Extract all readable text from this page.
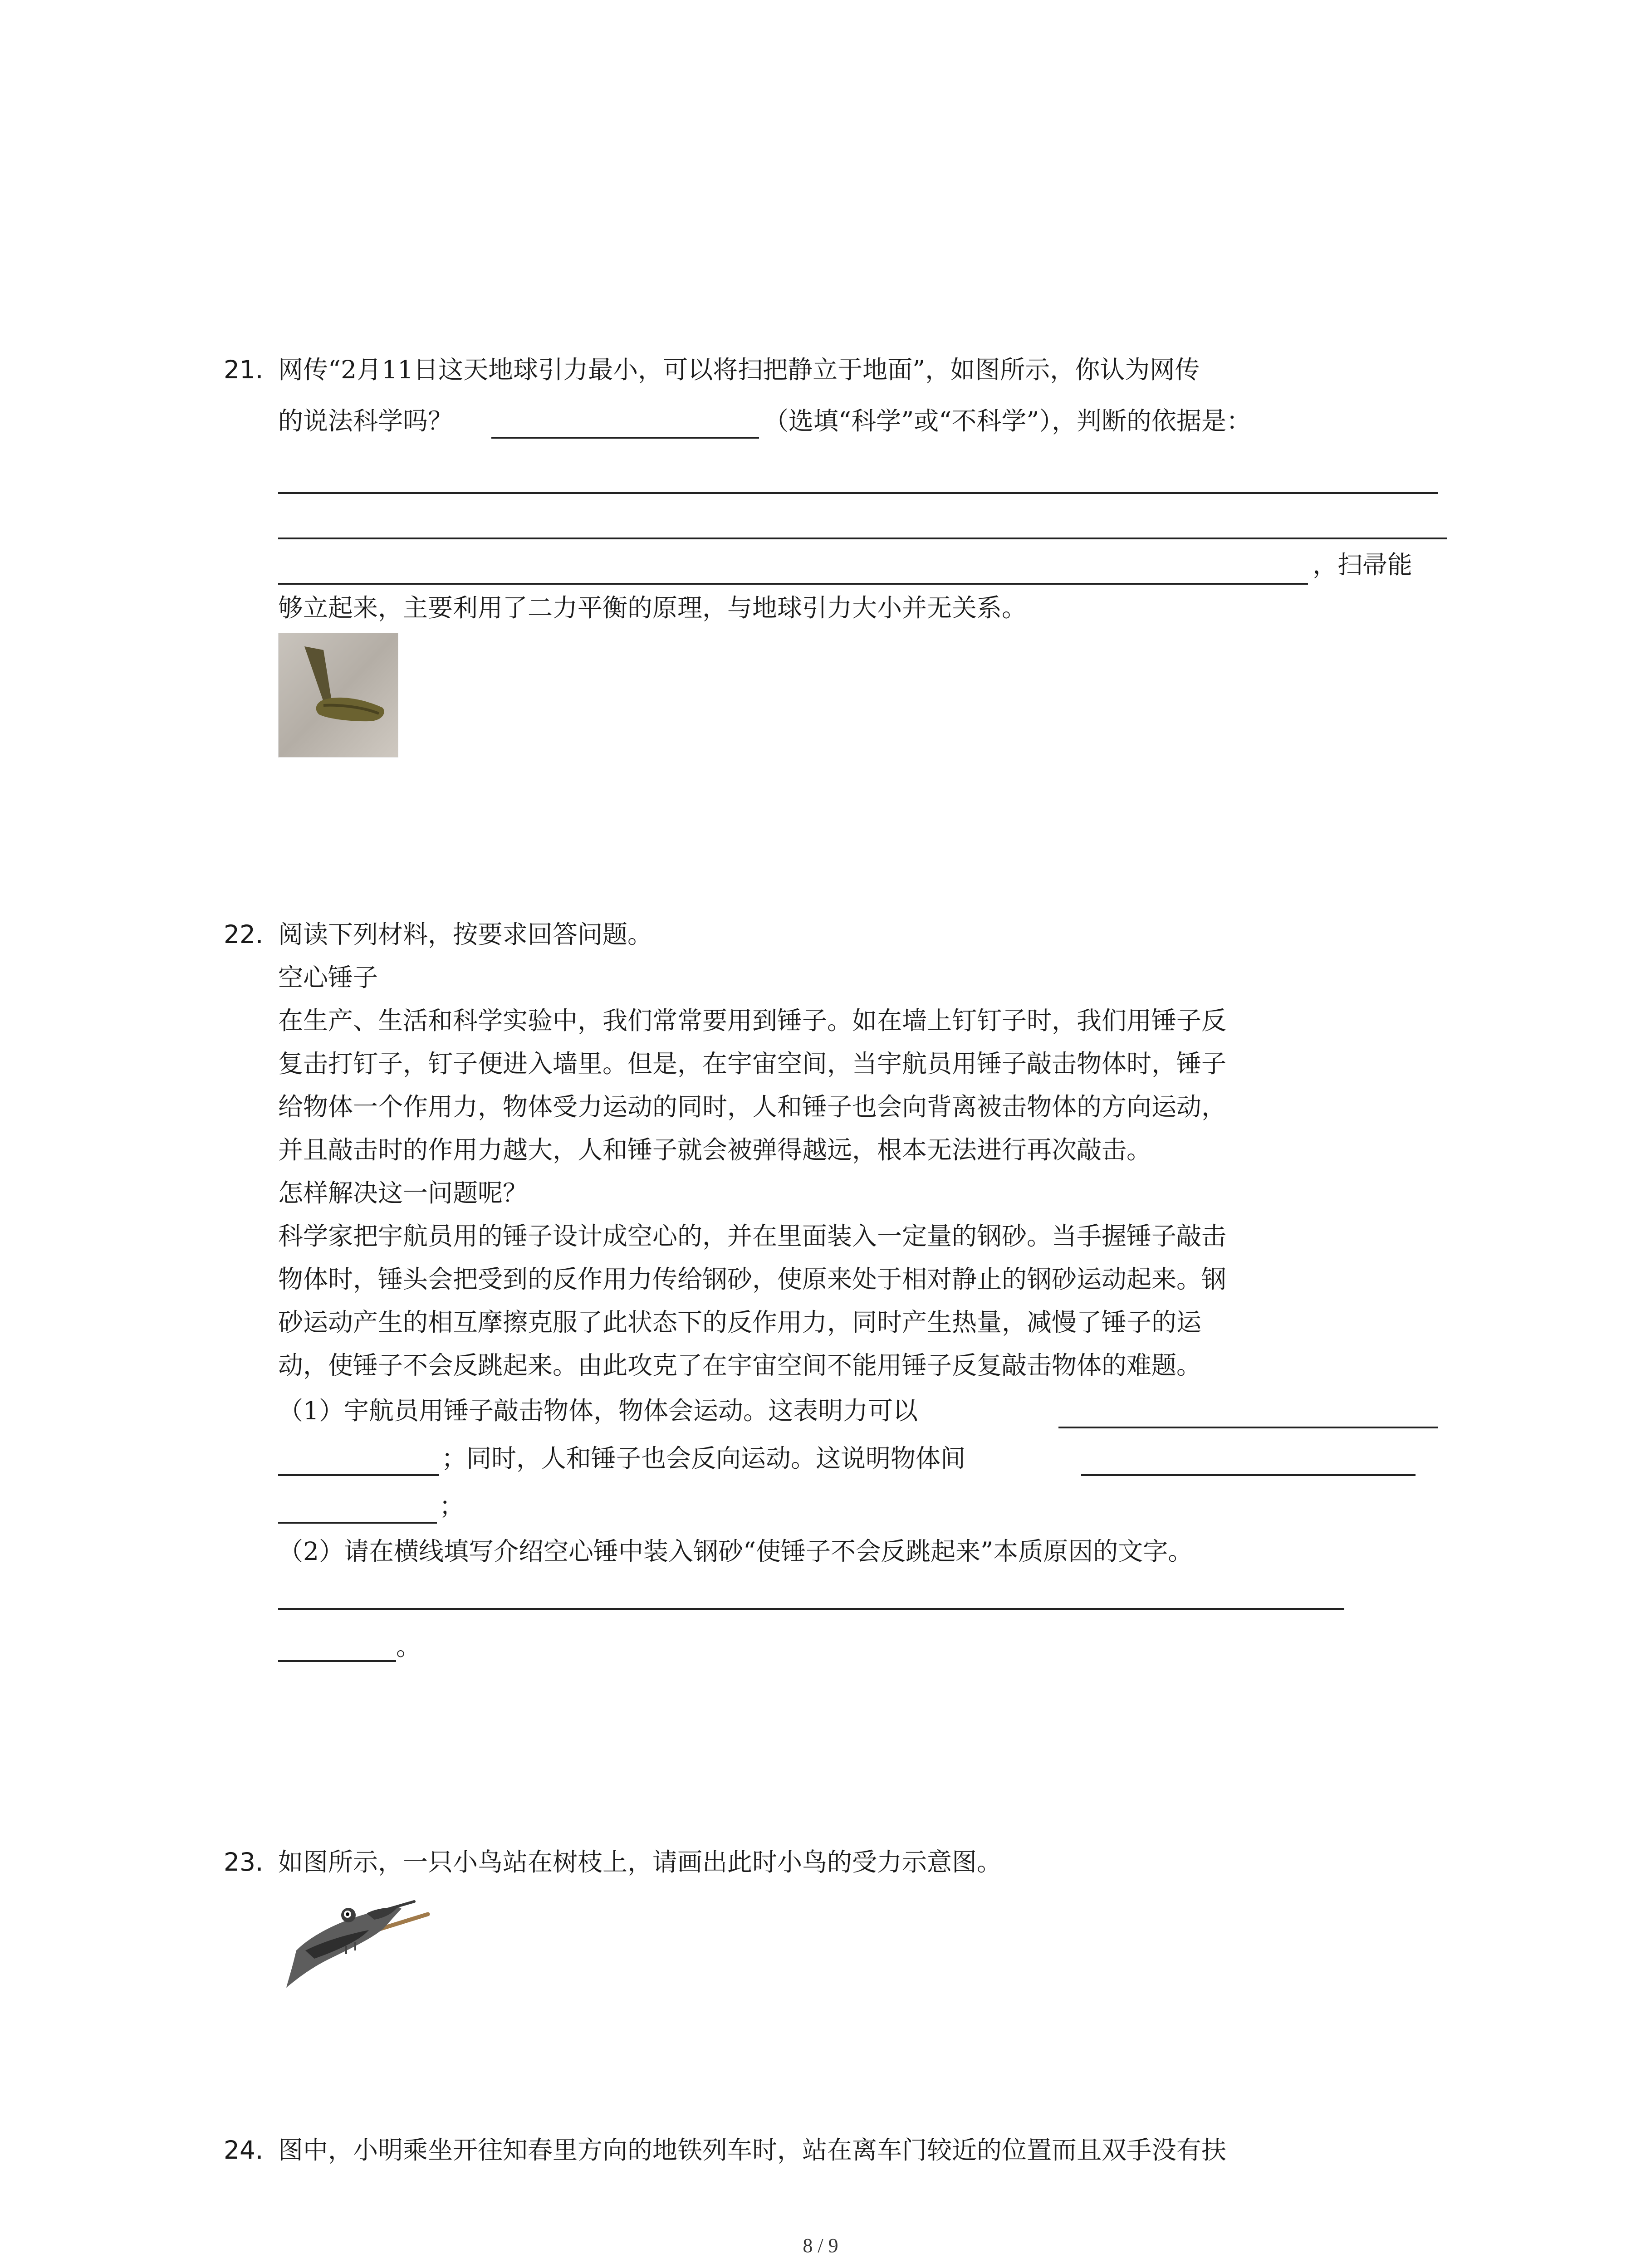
21. 网传“2月11日这天地球引力最小，可以将扫把静立于地面”，如图所示，你认为网传
的说法科学吗？	（选填“科学”或“不科学”），判断的依据是：
，扫帚能
够立起来，主要利用了二力平衡的原理，与地球引力大小并无关系。
22. 阅读下列材料，按要求回答问题。
空心锤子
在生产、生活和科学实验中，我们常常要用到锤子。如在墙上钉钉子时，我们用锤子反
复击打钉子，钉子便进入墙里。但是，在宇宙空间，当宇航员用锤子敲击物体时，锤子
给物体一个作用力，物体受力运动的同时，人和锤子也会向背离被击物体的方向运动，
并且敲击时的作用力越大，人和锤子就会被弹得越远，根本无法进行再次敲击。
怎样解决这一问题呢？
科学家把宇航员用的锤子设计成空心的，并在里面装入一定量的钢砂。当手握锤子敲击
物体时，锤头会把受到的反作用力传给钢砂，使原来处于相对静止的钢砂运动起来。钢
砂运动产生的相互摩擦克服了此状态下的反作用力，同时产生热量，减慢了锤子的运
动，使锤子不会反跳起来。由此攻克了在宇宙空间不能用锤子反复敲击物体的难题。
（1）宇航员用锤子敲击物体，物体会运动。这表明力可以
；同时，人和锤子也会反向运动。这说明物体间
；
（2）请在横线填写介绍空心锤中装入钢砂“使锤子不会反跳起来”本质原因的文字。
。
23. 如图所示，一只小鸟站在树枝上，请画出此时小鸟的受力示意图。
24. 图中，小明乘坐开往知春里方向的地铁列车时，站在离车门较近的位置而且双手没有扶
8 / 9
